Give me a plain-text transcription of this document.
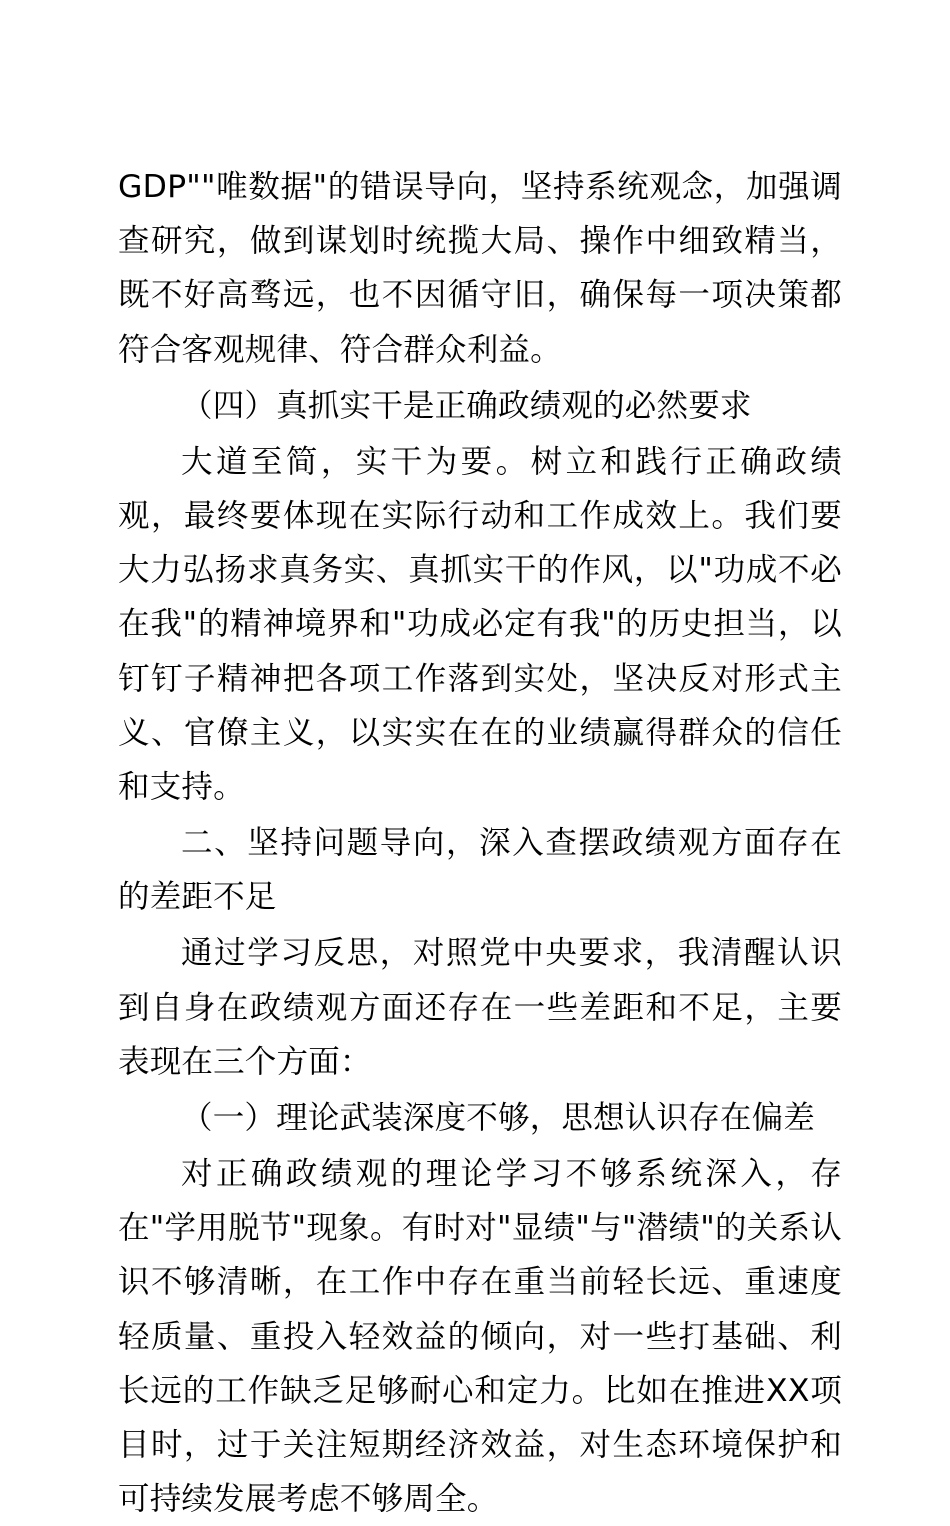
GDP""唯数据"的错误导向，坚持系统观念，加强调查研究，做到谋划时统揽大局、操作中细致精当，既不好高骛远，也不因循守旧，确保每一项决策都符合客观规律、符合群众利益。

（四）真抓实干是正确政绩观的必然要求

大道至简，实干为要。树立和践行正确政绩观，最终要体现在实际行动和工作成效上。我们要大力弘扬求真务实、真抓实干的作风，以"功成不必在我"的精神境界和"功成必定有我"的历史担当，以钉钉子精神把各项工作落到实处，坚决反对形式主义、官僚主义，以实实在在的业绩赢得群众的信任和支持。

二、坚持问题导向，深入查摆政绩观方面存在的差距不足

通过学习反思，对照党中央要求，我清醒认识到自身在政绩观方面还存在一些差距和不足，主要表现在三个方面：

（一）理论武装深度不够，思想认识存在偏差

对正确政绩观的理论学习不够系统深入，存在"学用脱节"现象。有时对"显绩"与"潜绩"的关系认识不够清晰，在工作中存在重当前轻长远、重速度轻质量、重投入轻效益的倾向，对一些打基础、利长远的工作缺乏足够耐心和定力。比如在推进XX项目时，过于关注短期经济效益，对生态环境保护和可持续发展考虑不够周全。
